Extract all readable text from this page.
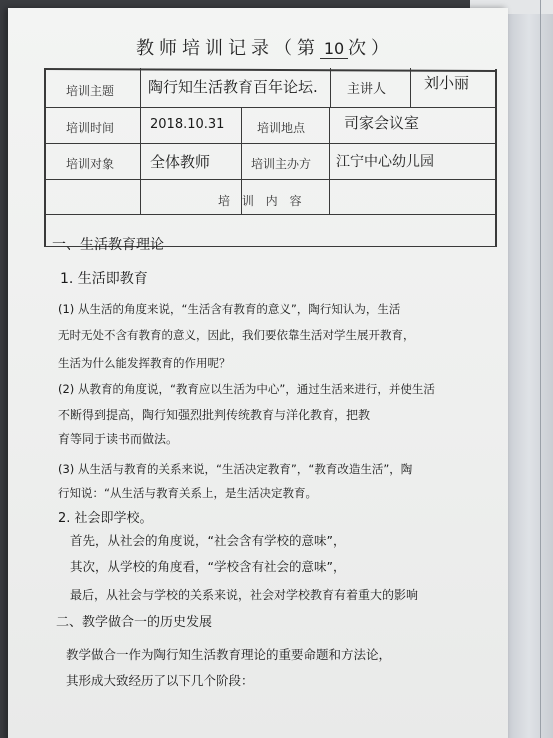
教师培训记录（第 10 次）
培训主题 陶行知生活教育百年论坛. 主讲人	刘小丽
培训时间	2018.10.31	培训地点	司家会议室
培训对象 全体教师	培训主办方 江宁中心幼儿园
培 训 内 容
一、生活教育理论
1. 生活即教育
(1) 从生活的角度来说，“生活含有教育的意义”，陶行知认为，生活
无时无处不含有教育的意义，因此，我们要依靠生活对学生展开教育，
生活为什么能发挥教育的作用呢？
(2) 从教育的角度说，“教育应以生活为中心”，通过生活来进行，并使生活
不断得到提高，陶行知强烈批判传统教育与洋化教育，把教
育等同于读书而做法。
(3) 从生活与教育的关系来说，“生活决定教育”，“教育改造生活”，陶
行知说：“从生活与教育关系上，是生活决定教育。
2. 社会即学校。
首先，从社会的角度说，“社会含有学校的意味”，
其次，从学校的角度看，“学校含有社会的意味”，
最后，从社会与学校的关系来说，社会对学校教育有着重大的影响
二、教学做合一的历史发展
教学做合一作为陶行知生活教育理论的重要命题和方法论，
其形成大致经历了以下几个阶段：
